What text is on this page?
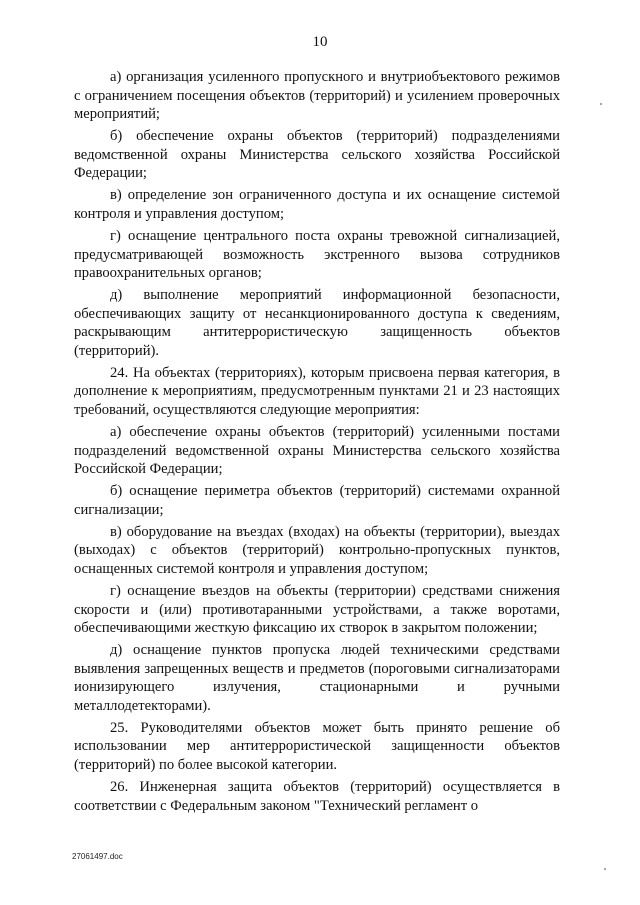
10

а) организация усиленного пропускного и внутриобъектового режимов с ограничением посещения объектов (территорий) и усилением проверочных мероприятий;

б) обеспечение охраны объектов (территорий) подразделениями ведомственной охраны Министерства сельского хозяйства Российской Федерации;

в) определение зон ограниченного доступа и их оснащение системой контроля и управления доступом;

г) оснащение центрального поста охраны тревожной сигнализацией, предусматривающей возможность экстренного вызова сотрудников правоохранительных органов;

д) выполнение мероприятий информационной безопасности, обеспечивающих защиту от несанкционированного доступа к сведениям, раскрывающим антитеррористическую защищенность объектов (территорий).

24. На объектах (территориях), которым присвоена первая категория, в дополнение к мероприятиям, предусмотренным пунктами 21 и 23 настоящих требований, осуществляются следующие мероприятия:

а) обеспечение охраны объектов (территорий) усиленными постами подразделений ведомственной охраны Министерства сельского хозяйства Российской Федерации;

б) оснащение периметра объектов (территорий) системами охранной сигнализации;

в) оборудование на въездах (входах) на объекты (территории), выездах (выходах) с объектов (территорий) контрольно-пропускных пунктов, оснащенных системой контроля и управления доступом;

г) оснащение въездов на объекты (территории) средствами снижения скорости и (или) противотаранными устройствами, а также воротами, обеспечивающими жесткую фиксацию их створок в закрытом положении;

д) оснащение пунктов пропуска людей техническими средствами выявления запрещенных веществ и предметов (пороговыми сигнализаторами ионизирующего излучения, стационарными и ручными металлодетекторами).

25. Руководителями объектов может быть принято решение об использовании мер антитеррористической защищенности объектов (территорий) по более высокой категории.

26. Инженерная защита объектов (территорий) осуществляется в соответствии с Федеральным законом "Технический регламент о

27061497.doc
